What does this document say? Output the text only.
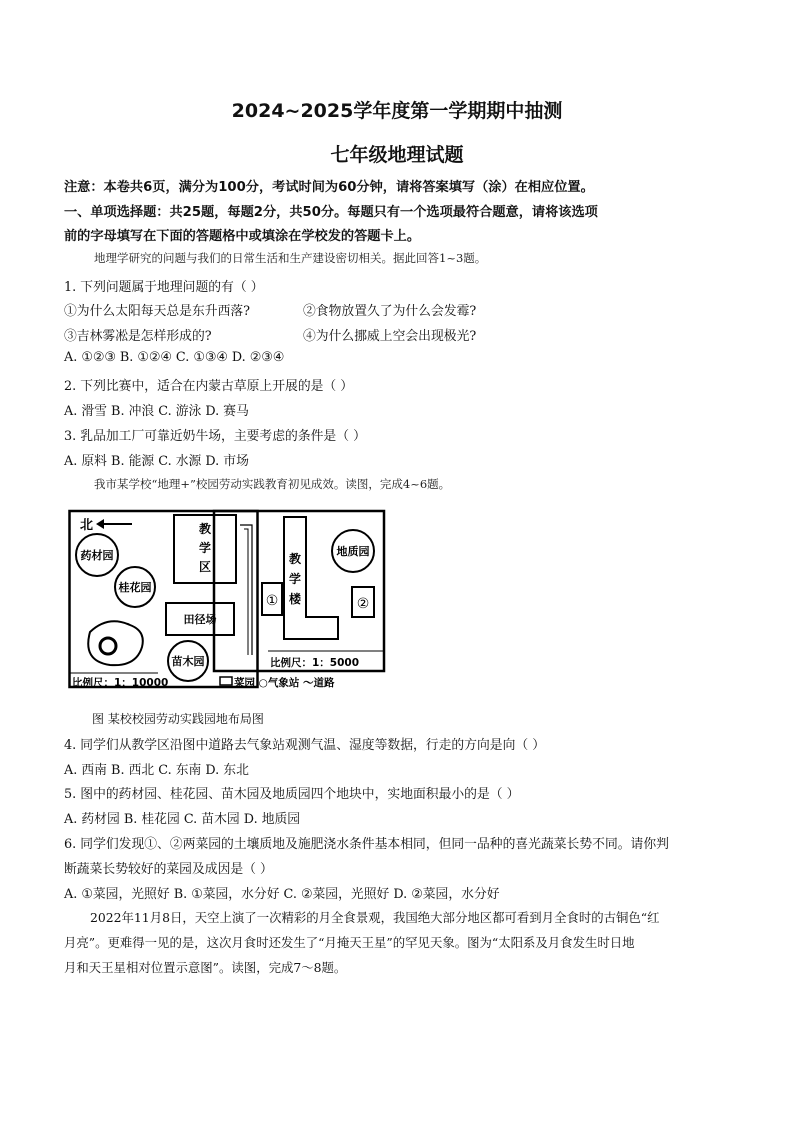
2024~2025学年度第一学期期中抽测
七年级地理试题
注意：本卷共6页，满分为100分，考试时间为60分钟，请将答案填写（涂）在相应位置。
一、单项选择题：共25题，每题2分，共50分。每题只有一个选项最符合题意，请将该选项
前的字母填写在下面的答题格中或填涂在学校发的答题卡上。
地理学研究的问题与我们的日常生活和生产建设密切相关。据此回答1~3题。
1. 下列问题属于地理问题的有（ ）
①为什么太阳每天总是东升西落?	②食物放置久了为什么会发霉?
③吉林雾凇是怎样形成的?	④为什么挪威上空会出现极光?
A. ①②③ B. ①②④ C. ①③④ D. ②③④
2. 下列比赛中，适合在内蒙古草原上开展的是（ ）
A. 滑雪 B. 冲浪 C. 游泳 D. 赛马
3. 乳品加工厂可靠近奶牛场，主要考虑的条件是（ ）
A. 原料 B. 能源 C. 水源 D. 市场
我市某学校“地理+”校园劳动实践教育初见成效。读图，完成4~6题。
北
药材园
桂花园
教
学
区
田径场
苗木园
教
学
楼
地质园
①	②
比例尺：1：5000
比例尺：1：10000	菜园 ○气象站 ～道路
图 某校校园劳动实践园地布局图
4. 同学们从教学区沿图中道路去气象站观测气温、湿度等数据，行走的方向是向（ ）
A. 西南 B. 西北 C. 东南 D. 东北
5. 图中的药材园、桂花园、苗木园及地质园四个地块中，实地面积最小的是（ ）
A. 药材园 B. 桂花园 C. 苗木园 D. 地质园
6. 同学们发现①、②两菜园的土壤质地及施肥浇水条件基本相同，但同一品种的喜光蔬菜长势不同。请你判
断蔬菜长势较好的菜园及成因是（ ）
A. ①菜园，光照好 B. ①菜园，水分好 C. ②菜园，光照好 D. ②菜园，水分好
2022年11月8日，天空上演了一次精彩的月全食景观，我国绝大部分地区都可看到月全食时的古铜色“红
月亮”。更难得一见的是，这次月食时还发生了“月掩天王星”的罕见天象。图为“太阳系及月食发生时日地
月和天王星相对位置示意图”。读图，完成7～8题。
